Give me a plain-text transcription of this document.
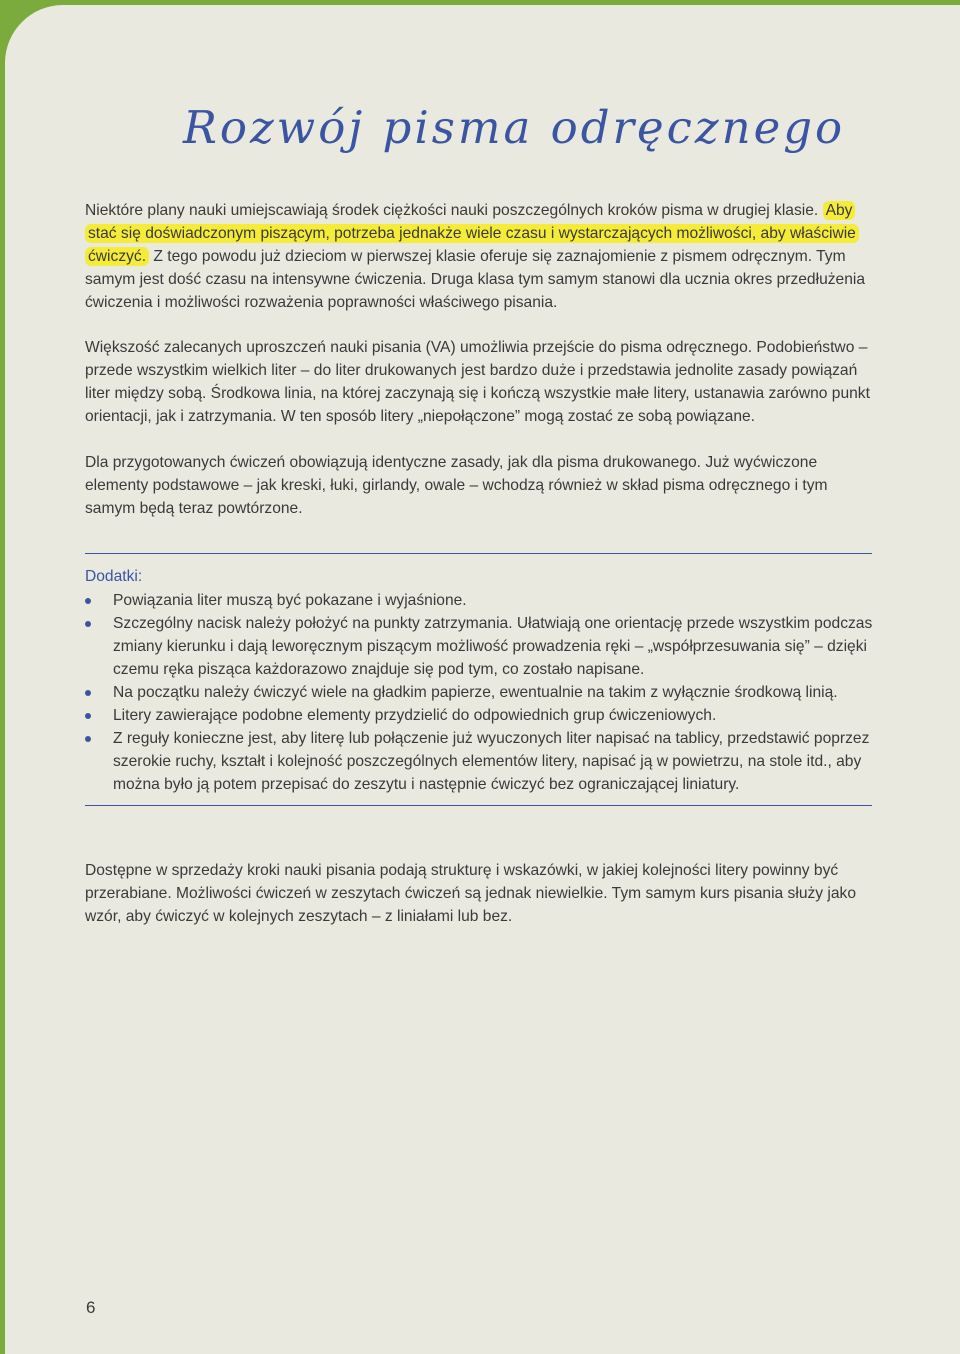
Rozwój pisma odręcznego

Niektóre plany nauki umiejscawiają środek ciężkości nauki poszczególnych kroków pisma w drugiej klasie. Aby stać się doświadczonym piszącym, potrzeba jednakże wiele czasu i wystarczających możliwości, aby właściwie ćwiczyć. Z tego powodu już dzieciom w pierwszej klasie oferuje się zaznajomienie z pismem odręcznym. Tym samym jest dość czasu na intensywne ćwiczenia. Druga klasa tym samym stanowi dla ucznia okres przedłużenia ćwiczenia i możliwości rozważenia poprawności właściwego pisania.

Większość zalecanych uproszczeń nauki pisania (VA) umożliwia przejście do pisma odręcznego. Podobieństwo – przede wszystkim wielkich liter – do liter drukowanych jest bardzo duże i przedstawia jednolite zasady powiązań liter między sobą. Środkowa linia, na której zaczynają się i kończą wszystkie małe litery, ustanawia zarówno punkt orientacji, jak i zatrzymania. W ten sposób litery „niepołączone” mogą zostać ze sobą powiązane.

Dla przygotowanych ćwiczeń obowiązują identyczne zasady, jak dla pisma drukowanego. Już wyćwiczone elementy podstawowe – jak kreski, łuki, girlandy, owale – wchodzą również w skład pisma odręcznego i tym samym będą teraz powtórzone.

Dodatki:
Powiązania liter muszą być pokazane i wyjaśnione.
Szczególny nacisk należy położyć na punkty zatrzymania. Ułatwiają one orientację przede wszystkim podczas zmiany kierunku i dają leworęcznym piszącym możliwość prowadzenia ręki – „współprzesuwania się” – dzięki czemu ręka pisząca każdorazowo znajduje się pod tym, co zostało napisane.
Na początku należy ćwiczyć wiele na gładkim papierze, ewentualnie na takim z wyłącznie środkową linią.
Litery zawierające podobne elementy przydzielić do odpowiednich grup ćwiczeniowych.
Z reguły konieczne jest, aby literę lub połączenie już wyuczonych liter napisać na tablicy, przedstawić poprzez szerokie ruchy, kształt i kolejność poszczególnych elementów litery, napisać ją w powietrzu, na stole itd., aby można było ją potem przepisać do zeszytu i następnie ćwiczyć bez ograniczającej liniatury.

Dostępne w sprzedaży kroki nauki pisania podają strukturę i wskazówki, w jakiej kolejności litery powinny być przerabiane. Możliwości ćwiczeń w zeszytach ćwiczeń są jednak niewielkie. Tym samym kurs pisania służy jako wzór, aby ćwiczyć w kolejnych zeszytach – z liniałami lub bez.

6
